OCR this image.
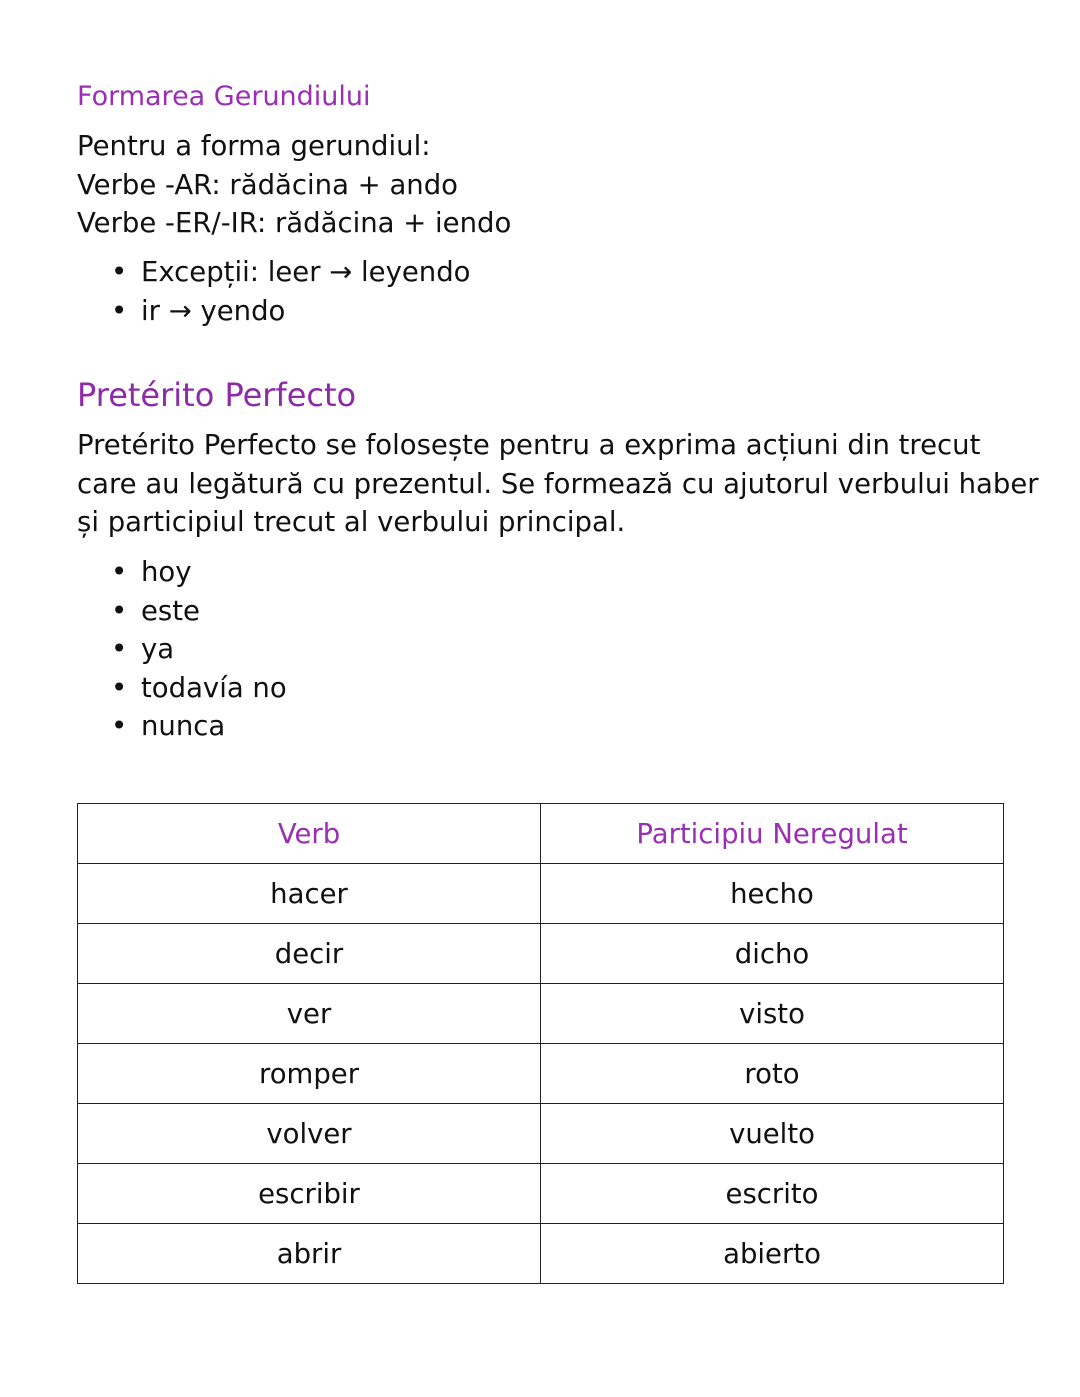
Formarea Gerundiului
Pentru a forma gerundiul:
Verbe -AR: rădăcina + ando
Verbe -ER/-IR: rădăcina + iendo
• Excepții: leer → leyendo
• ir → yendo
Pretérito Perfecto
Pretérito Perfecto se folosește pentru a exprima acțiuni din trecut
care au legătură cu prezentul. Se formează cu ajutorul verbului haber
și participiul trecut al verbului principal.
• hoy
• este
• ya
• todavía no
• nunca
Verb	Participiu Neregulat
hacer	hecho
decir	dicho
ver	visto
romper	roto
volver	vuelto
escribir	escrito
abrir	abierto
